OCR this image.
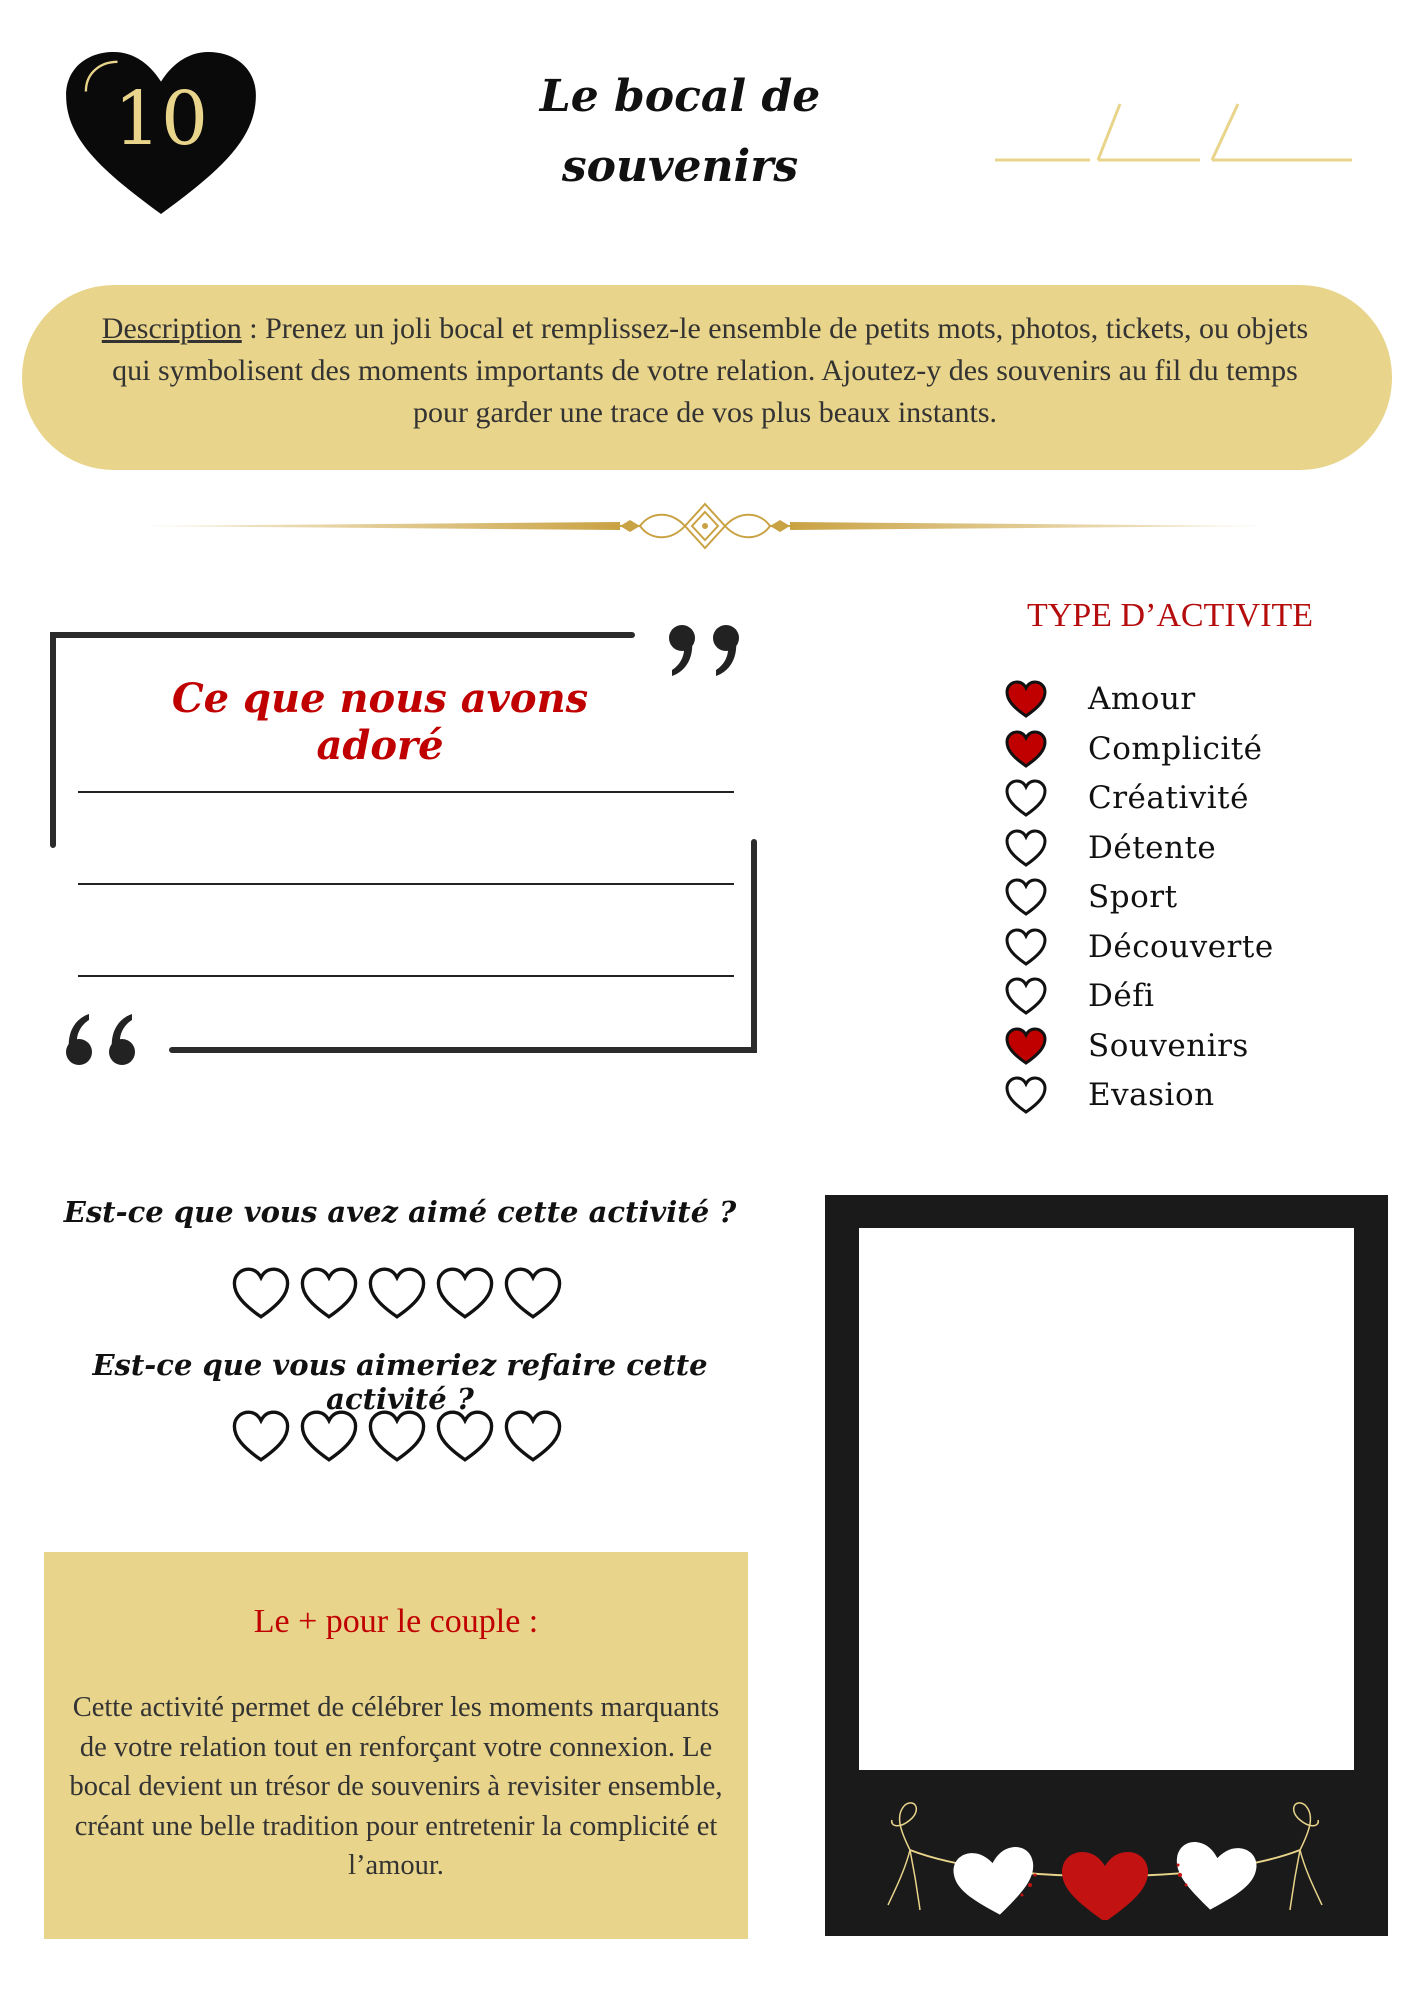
10	Le bocal de souvenirs
Description : Prenez un joli bocal et remplissez-le ensemble de petits mots, photos, tickets, ou objets qui symbolisent des moments importants de votre relation. Ajoutez-y des souvenirs au fil du temps pour garder une trace de vos plus beaux instants.
Ce que nous avons adoré
TYPE D’ACTIVITE
Amour
Complicité
Créativité
Détente
Sport
Découverte
Défi
Souvenirs
Evasion
Est-ce que vous avez aimé cette activité ?
Est-ce que vous aimeriez refaire cette activité ?
Le + pour le couple :
Cette activité permet de célébrer les moments marquants de votre relation tout en renforçant votre connexion. Le bocal devient un trésor de souvenirs à revisiter ensemble, créant une belle tradition pour entretenir la complicité et l’amour.
